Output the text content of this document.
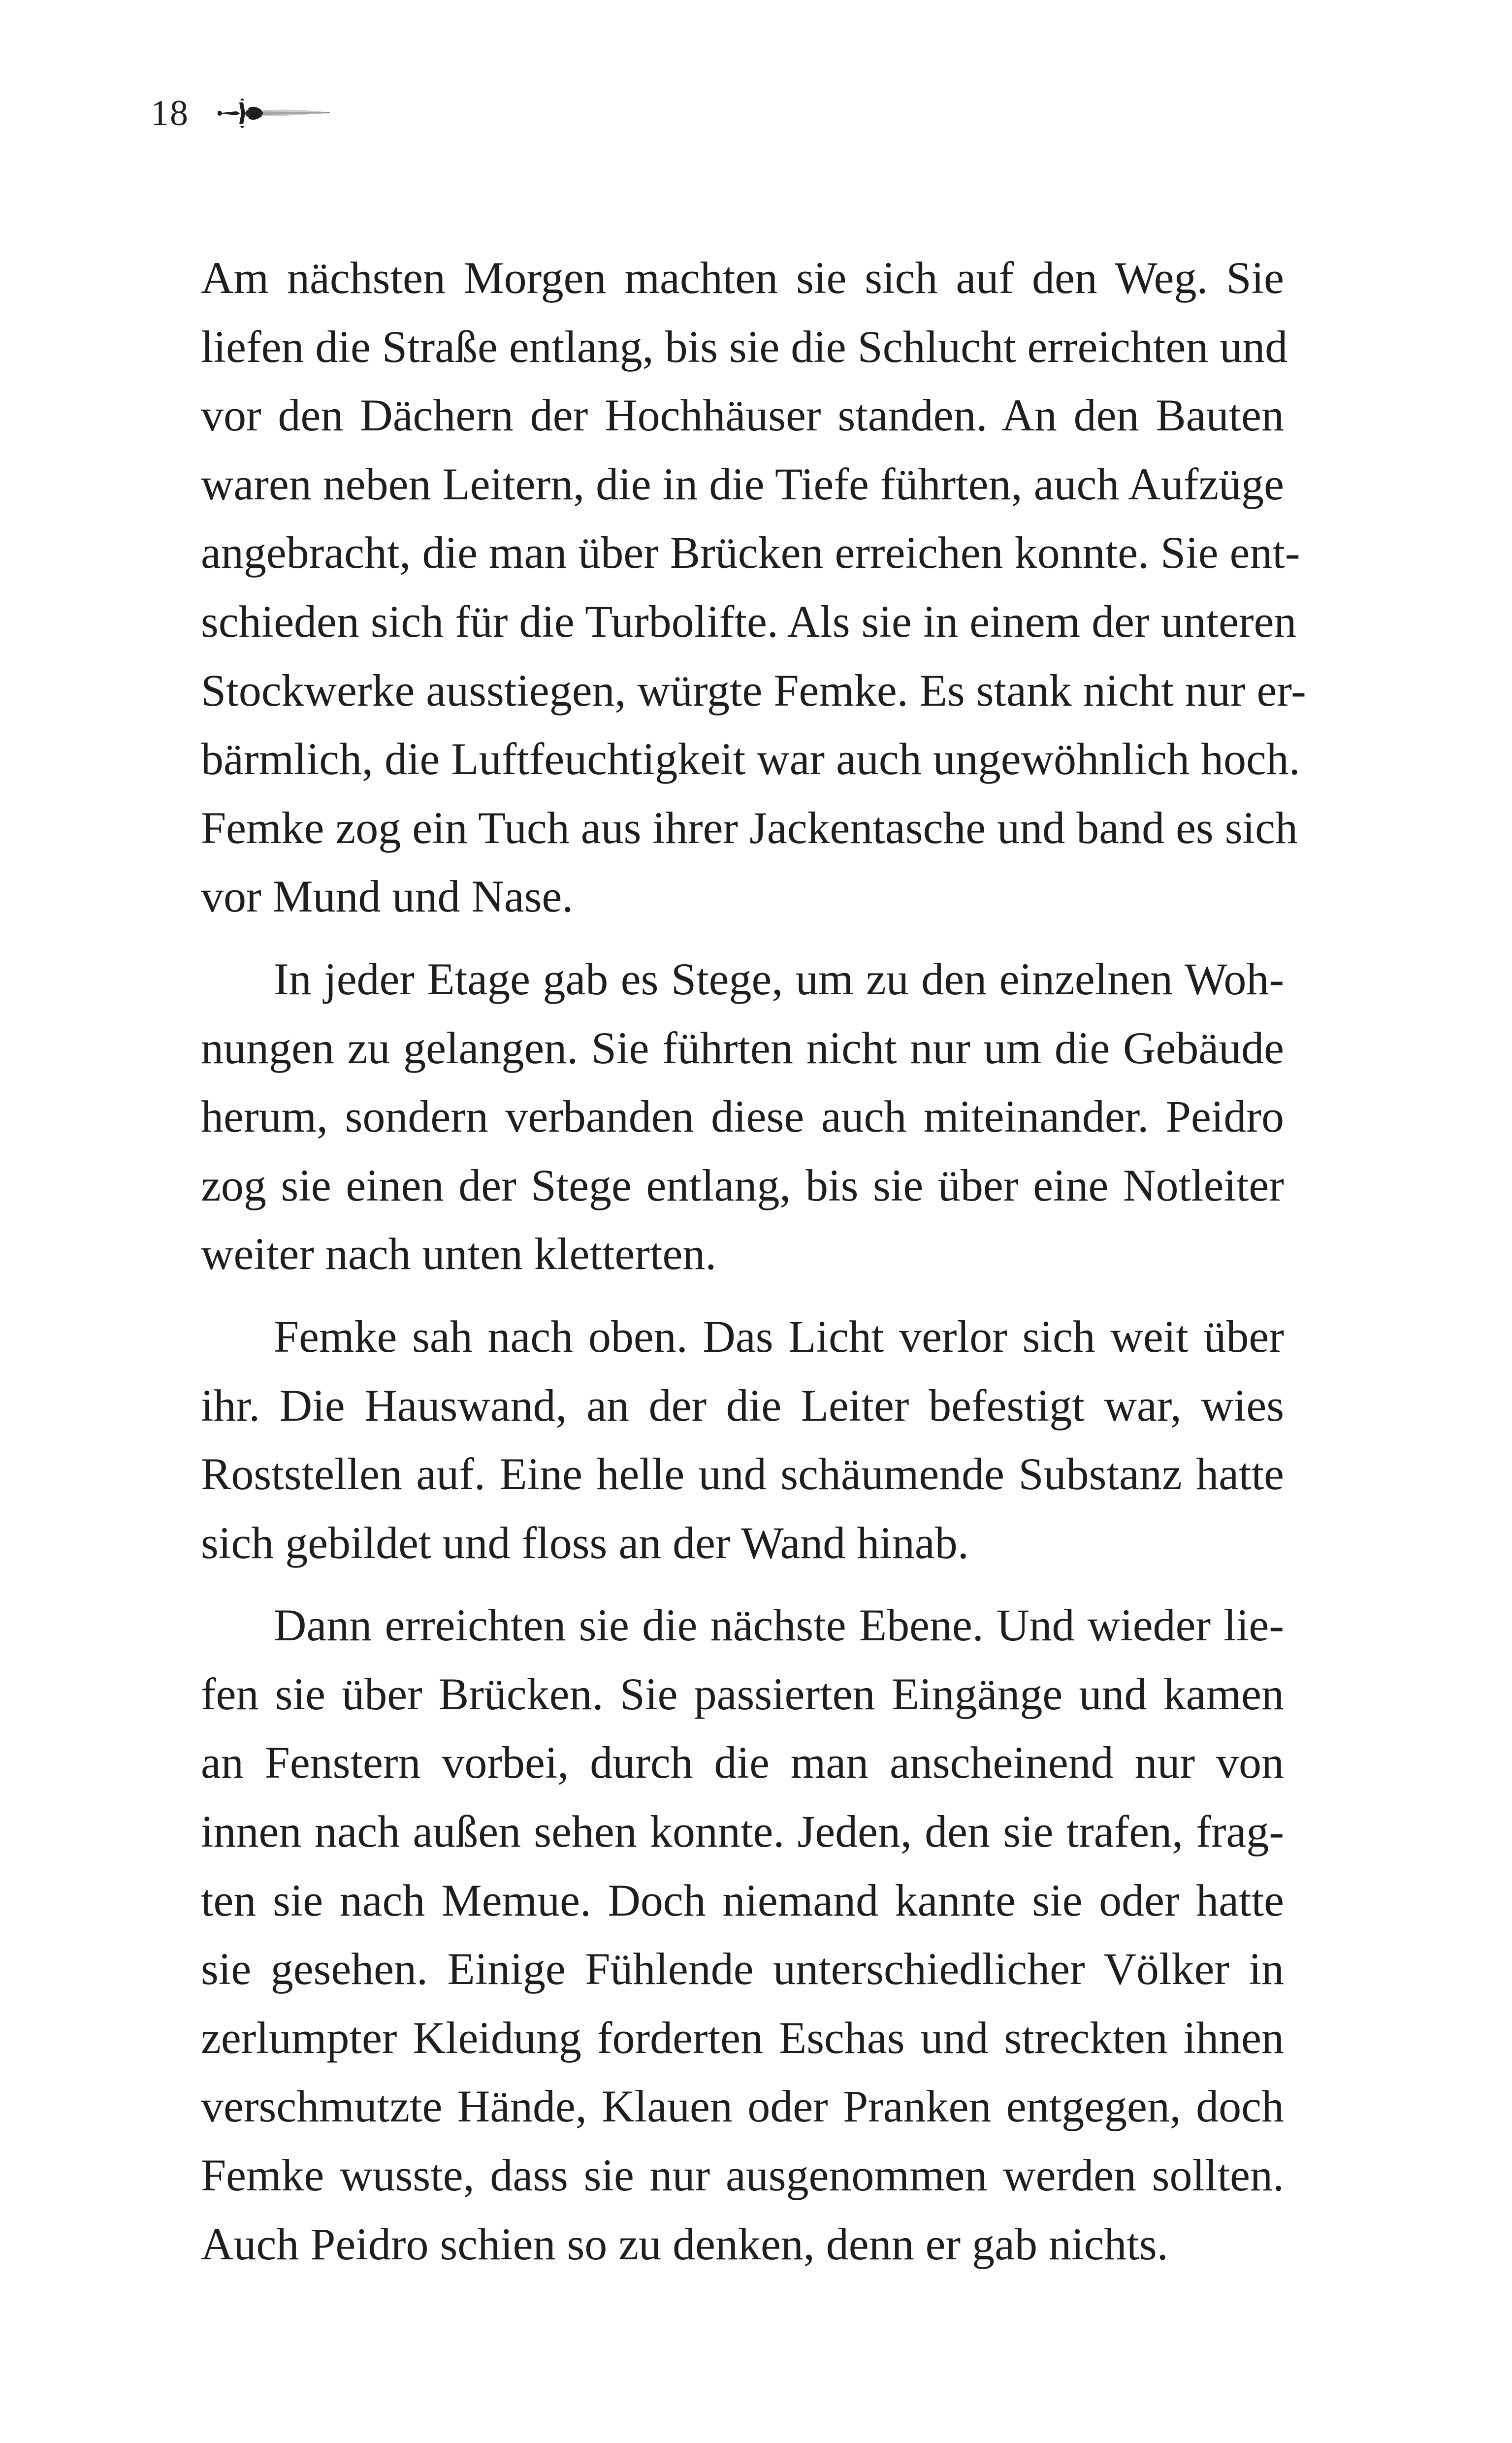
18

Am nächsten Morgen machten sie sich auf den Weg. Sie
liefen die Straße entlang, bis sie die Schlucht erreichten und
vor den Dächern der Hochhäuser standen. An den Bauten
waren neben Leitern, die in die Tiefe führten, auch Aufzüge
angebracht, die man über Brücken erreichen konnte. Sie ent-
schieden sich für die Turbolifte. Als sie in einem der unteren
Stockwerke ausstiegen, würgte Femke. Es stank nicht nur er-
bärmlich, die Luftfeuchtigkeit war auch ungewöhnlich hoch.
Femke zog ein Tuch aus ihrer Jackentasche und band es sich
vor Mund und Nase.

In jeder Etage gab es Stege, um zu den einzelnen Woh-
nungen zu gelangen. Sie führten nicht nur um die Gebäude
herum, sondern verbanden diese auch miteinander. Peidro
zog sie einen der Stege entlang, bis sie über eine Notleiter
weiter nach unten kletterten.

Femke sah nach oben. Das Licht verlor sich weit über
ihr. Die Hauswand, an der die Leiter befestigt war, wies
Roststellen auf. Eine helle und schäumende Substanz hatte
sich gebildet und floss an der Wand hinab.

Dann erreichten sie die nächste Ebene. Und wieder lie-
fen sie über Brücken. Sie passierten Eingänge und kamen
an Fenstern vorbei, durch die man anscheinend nur von
innen nach außen sehen konnte. Jeden, den sie trafen, frag-
ten sie nach Memue. Doch niemand kannte sie oder hatte
sie gesehen. Einige Fühlende unterschiedlicher Völker in
zerlumpter Kleidung forderten Eschas und streckten ihnen
verschmutzte Hände, Klauen oder Pranken entgegen, doch
Femke wusste, dass sie nur ausgenommen werden sollten.
Auch Peidro schien so zu denken, denn er gab nichts.
